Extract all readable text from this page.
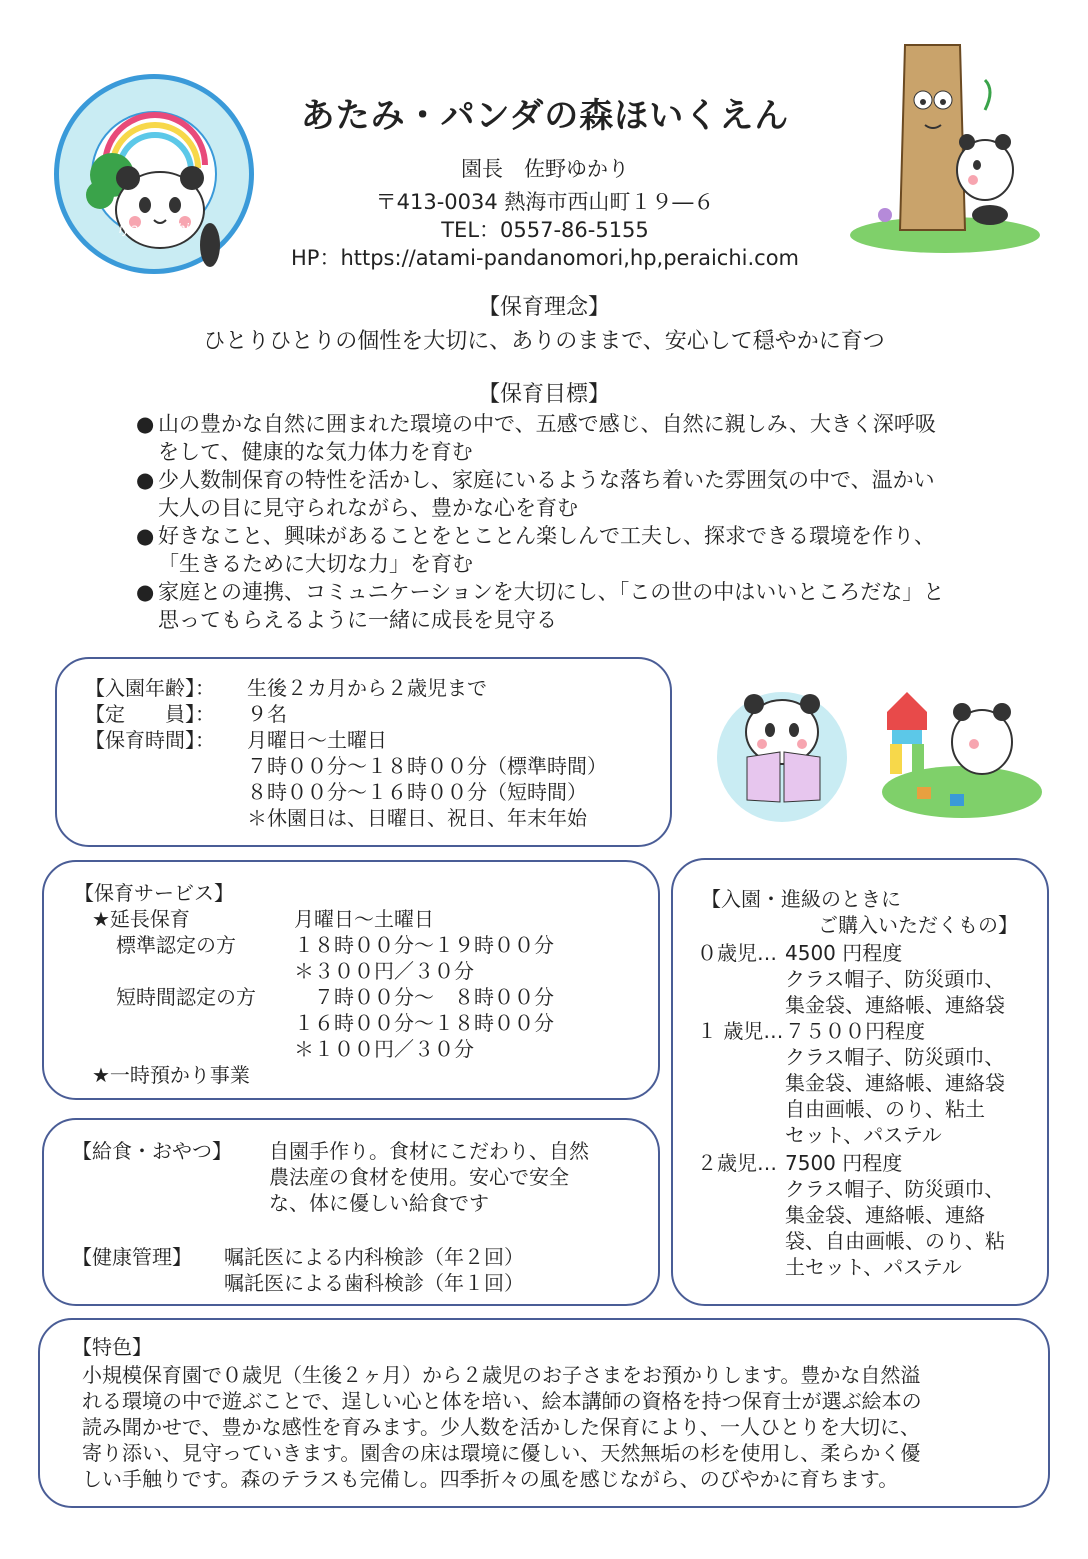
iyashirochi
あたみ・パンダの森ほいくえん
園長　佐野ゆかり
〒413-0034 熱海市西山町１９―６
TEL：0557-86-5155
HP：https://atami-pandanomori,hp,peraichi.com
【保育理念】
ひとりひとりの個性を大切に、ありのままで、安心して穏やかに育つ
【保育目標】
● 山の豊かな自然に囲まれた環境の中で、五感で感じ、自然に親しみ、大きく深呼吸
をして、健康的な気力体力を育む
● 少人数制保育の特性を活かし、家庭にいるような落ち着いた雰囲気の中で、温かい
大人の目に見守られながら、豊かな心を育む
● 好きなこと、興味があることをとことん楽しんで工夫し、探求できる環境を作り、
「生きるために大切な力」を育む
● 家庭との連携、コミュニケーションを大切にし、「この世の中はいいところだな」と
思ってもらえるように一緒に成長を見守る
【入園年齢】： 生後２カ月から２歳児まで
【定　　員】： ９名
【保育時間】： 月曜日～土曜日
７時００分～１８時００分（標準時間）
８時００分～１６時００分（短時間）
＊休園日は、日曜日、祝日、年末年始
【保育サービス】
★延長保育	月曜日～土曜日
標準認定の方	１８時００分～１９時００分
＊３００円／３０分
短時間認定の方 　７時００分～　８時００分
１６時００分～１８時００分
＊１００円／３０分
★一時預かり事業
【給食・おやつ】 自園手作り。食材にこだわり、自然
農法産の食材を使用。安心で安全
な、体に優しい給食です
【健康管理】 嘱託医による内科検診（年２回）
嘱託医による歯科検診（年１回）
【入園・進級のときに
ご購入いただくもの】
０歳児… 4500 円程度
クラス帽子、防災頭巾、
集金袋、連絡帳、連絡袋
１ 歳児… ７５００円程度
クラス帽子、防災頭巾、
集金袋、連絡帳、連絡袋
自由画帳、のり、粘土
セット、パステル
２歳児… 7500 円程度
クラス帽子、防災頭巾、
集金袋、連絡帳、連絡
袋、自由画帳、のり、粘
土セット、パステル
【特色】
小規模保育園で０歳児（生後２ヶ月）から２歳児のお子さまをお預かりします。豊かな自然溢
れる環境の中で遊ぶことで、逞しい心と体を培い、絵本講師の資格を持つ保育士が選ぶ絵本の
読み聞かせで、豊かな感性を育みます。少人数を活かした保育により、一人ひとりを大切に、
寄り添い、見守っていきます。園舎の床は環境に優しい、天然無垢の杉を使用し、柔らかく優
しい手触りです。森のテラスも完備し。四季折々の風を感じながら、のびやかに育ちます。
